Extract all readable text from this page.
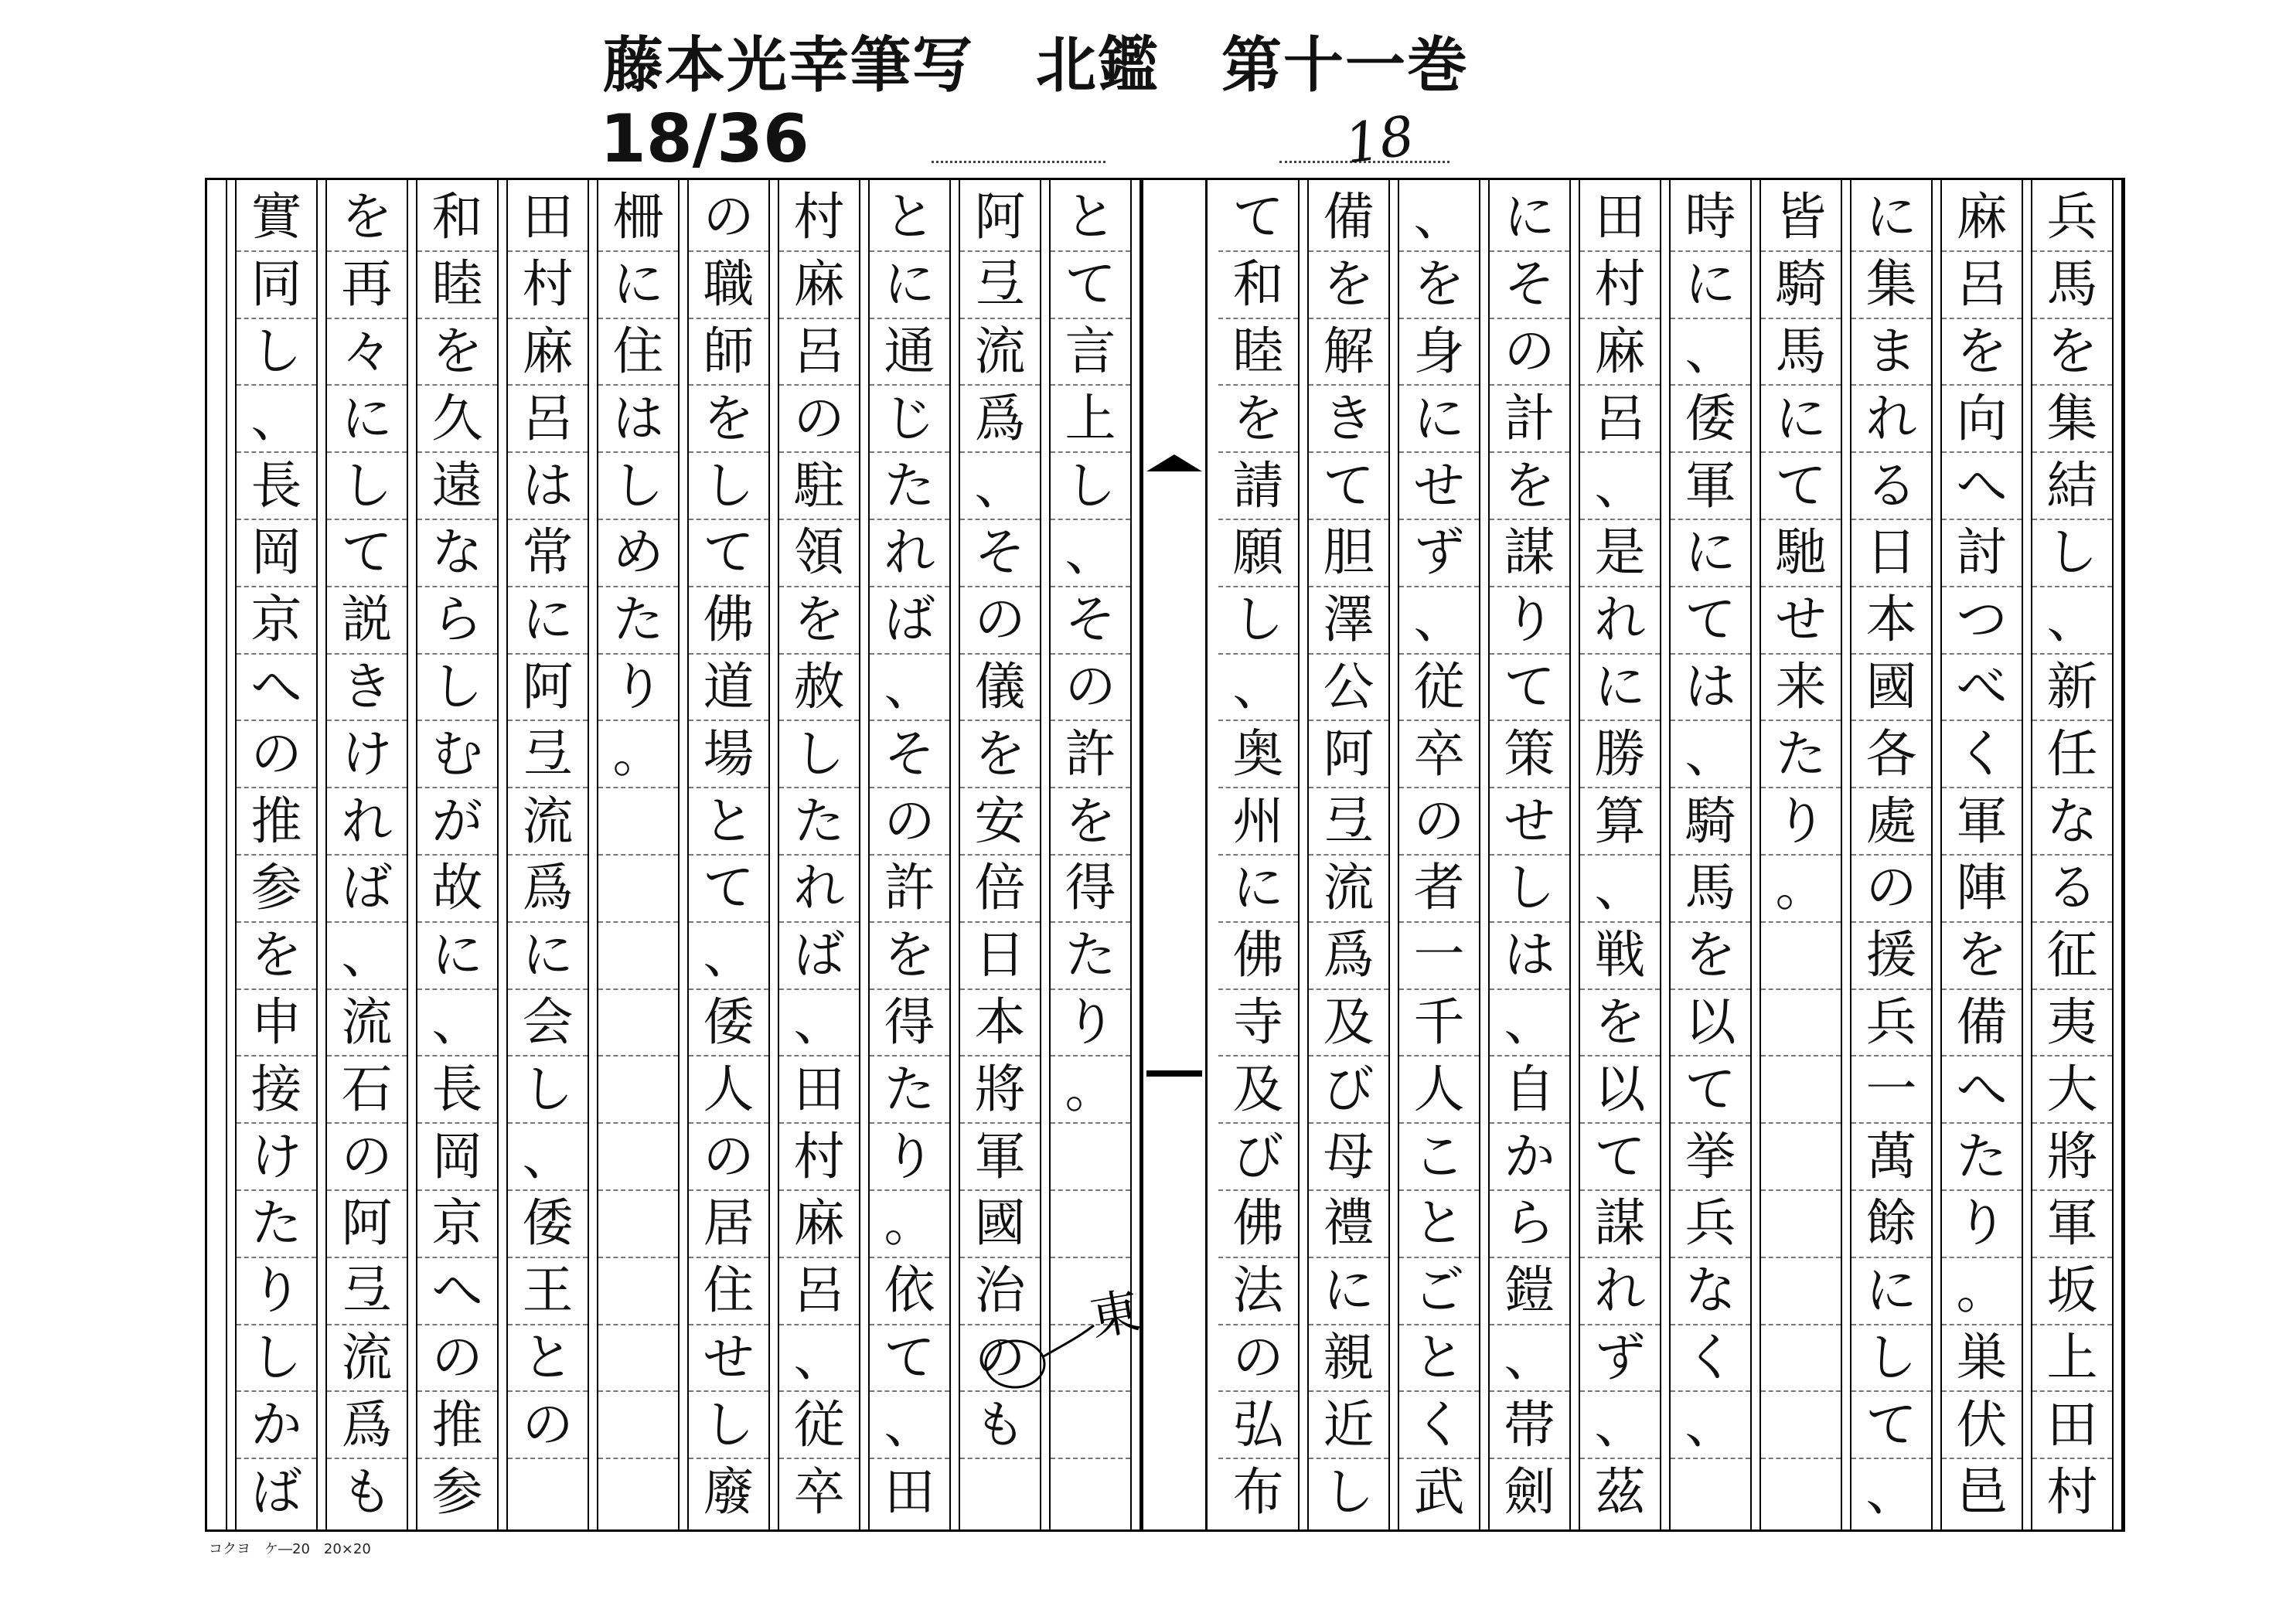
藤本光幸筆写　北鑑　第十一巻
18/36	18
兵
馬
を
集
結
し
、
新
任
な
る
征
夷
大
將
軍
坂
上
田
村
麻
呂
を
向
へ
討
つ
べ
く
軍
陣
を
備
へ
た
り
。
巣
伏
邑
に
集
ま
れ
る
日
本
國
各
處
の
援
兵
一
萬
餘
に
し
て
、
皆
騎
馬
に
て
馳
せ
来
た
り
。
時
に
、
倭
軍
に
て
は
、
騎
馬
を
以
て
挙
兵
な
く
、
田
村
麻
呂
、
是
れ
に
勝
算
、
戦
を
以
て
謀
れ
ず
、
茲
に
そ
の
計
を
謀
り
て
策
せ
し
は
、
自
か
ら
鎧
、
帯
劍
、
を
身
に
せ
ず
、
従
卒
の
者
一
千
人
こ
と
ご
と
く
武
備
を
解
き
て
胆
澤
公
阿
弖
流
爲
及
び
母
禮
に
親
近
し
て
和
睦
を
請
願
し
、
奥
州
に
佛
寺
及
び
佛
法
の
弘
布
と
て
言
上
し
、
そ
の
許
を
得
た
り
。
阿
弖
流
爲
、
そ
の
儀
を
安
倍
日
本
將
軍
國
治
の
も
と
に
通
じ
た
れ
ば
、
そ
の
許
を
得
た
り
。
依
て
、
田
村
麻
呂
の
駐
領
を
赦
し
た
れ
ば
、
田
村
麻
呂
、
従
卒
の
職
師
を
し
て
佛
道
場
と
て
、
倭
人
の
居
住
せ
し
廢
柵
に
住
は
し
め
た
り
。
田
村
麻
呂
は
常
に
阿
弖
流
爲
に
会
し
、
倭
王
と
の
和
睦
を
久
遠
な
ら
し
む
が
故
に
、
長
岡
京
へ
の
推
参
を
再
々
に
し
て
説
き
け
れ
ば
、
流
石
の
阿
弖
流
爲
も
實
同
し
、
長
岡
京
へ
の
推
参
を
申
接
け
た
り
し
か
ば
東
コクヨ　ケ―20　20×20
